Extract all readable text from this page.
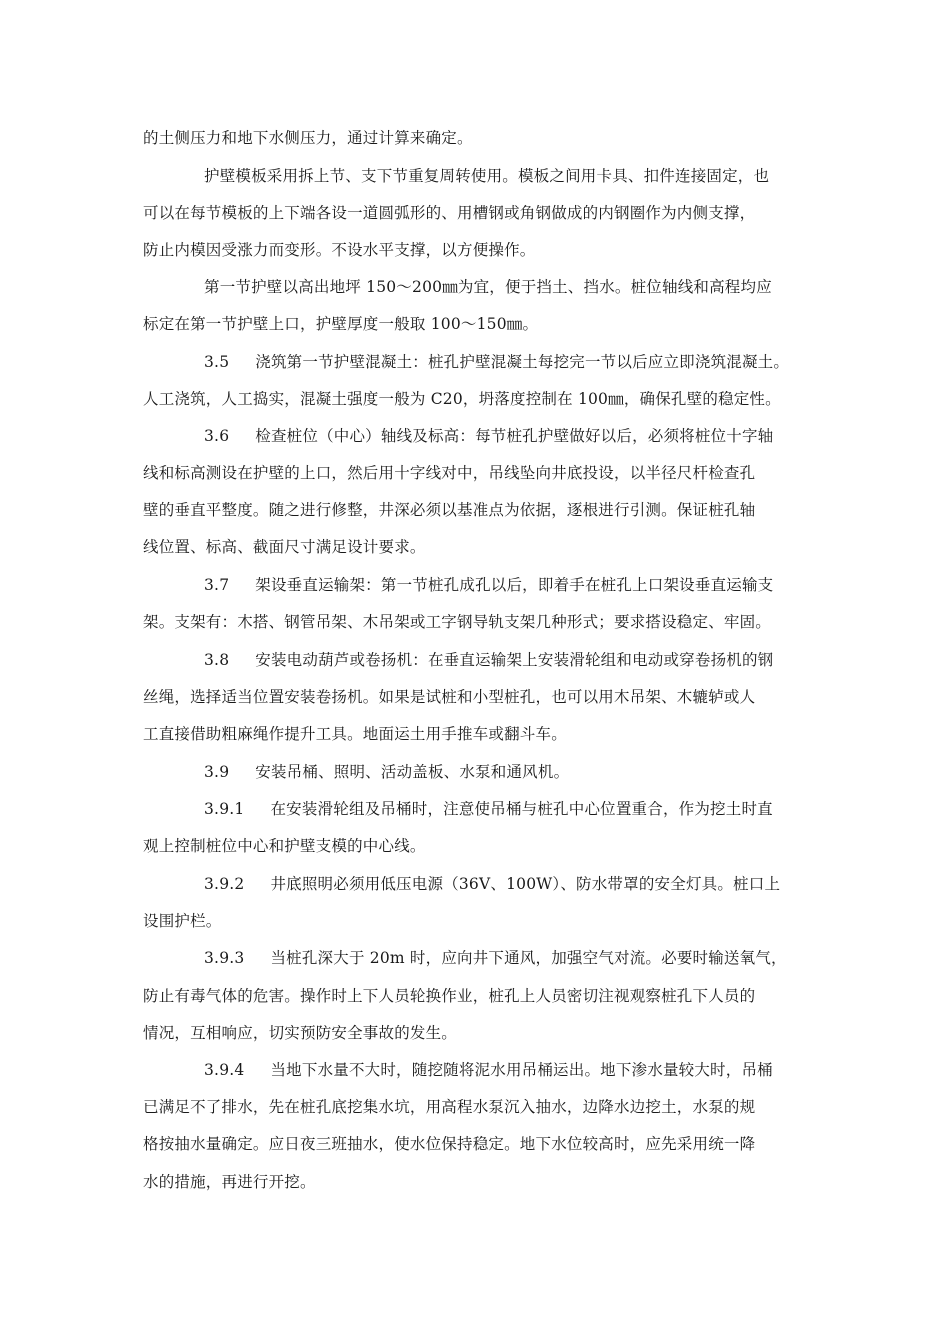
的土侧压力和地下水侧压力，通过计算来确定。
护壁模板采用拆上节、支下节重复周转使用。模板之间用卡具、扣件连接固定，也
可以在每节模板的上下端各设一道圆弧形的、用槽钢或角钢做成的内钢圈作为内侧支撑，
防止内模因受涨力而变形。不设水平支撑，以方便操作。
第一节护壁以高出地坪 150～200㎜为宜，便于挡土、挡水。桩位轴线和高程均应
标定在第一节护壁上口，护壁厚度一般取 100～150㎜。
3.5 浇筑第一节护壁混凝土：桩孔护壁混凝土每挖完一节以后应立即浇筑混凝土。
人工浇筑，人工捣实，混凝土强度一般为 C20，坍落度控制在 100㎜，确保孔壁的稳定性。
3.6 检查桩位（中心）轴线及标高：每节桩孔护壁做好以后，必须将桩位十字轴
线和标高测设在护壁的上口，然后用十字线对中，吊线坠向井底投设，以半径尺杆检查孔
壁的垂直平整度。随之进行修整，井深必须以基准点为依据，逐根进行引测。保证桩孔轴
线位置、标高、截面尺寸满足设计要求。
3.7 架设垂直运输架：第一节桩孔成孔以后，即着手在桩孔上口架设垂直运输支
架。支架有：木搭、钢管吊架、木吊架或工字钢导轨支架几种形式；要求搭设稳定、牢固。
3.8 安装电动葫芦或卷扬机：在垂直运输架上安装滑轮组和电动或穿卷扬机的钢
丝绳，选择适当位置安装卷扬机。如果是试桩和小型桩孔，也可以用木吊架、木辘轳或人
工直接借助粗麻绳作提升工具。地面运土用手推车或翻斗车。
3.9 安装吊桶、照明、活动盖板、水泵和通风机。
3.9.1 在安装滑轮组及吊桶时，注意使吊桶与桩孔中心位置重合，作为挖土时直
观上控制桩位中心和护壁支模的中心线。
3.9.2 井底照明必须用低压电源（36V、100W）、防水带罩的安全灯具。桩口上
设围护栏。
3.9.3 当桩孔深大于 20m 时，应向井下通风，加强空气对流。必要时输送氧气，
防止有毒气体的危害。操作时上下人员轮换作业，桩孔上人员密切注视观察桩孔下人员的
情况，互相响应，切实预防安全事故的发生。
3.9.4 当地下水量不大时，随挖随将泥水用吊桶运出。地下渗水量较大时，吊桶
已满足不了排水，先在桩孔底挖集水坑，用高程水泵沉入抽水，边降水边挖土，水泵的规
格按抽水量确定。应日夜三班抽水，使水位保持稳定。地下水位较高时，应先采用统一降
水的措施，再进行开挖。
